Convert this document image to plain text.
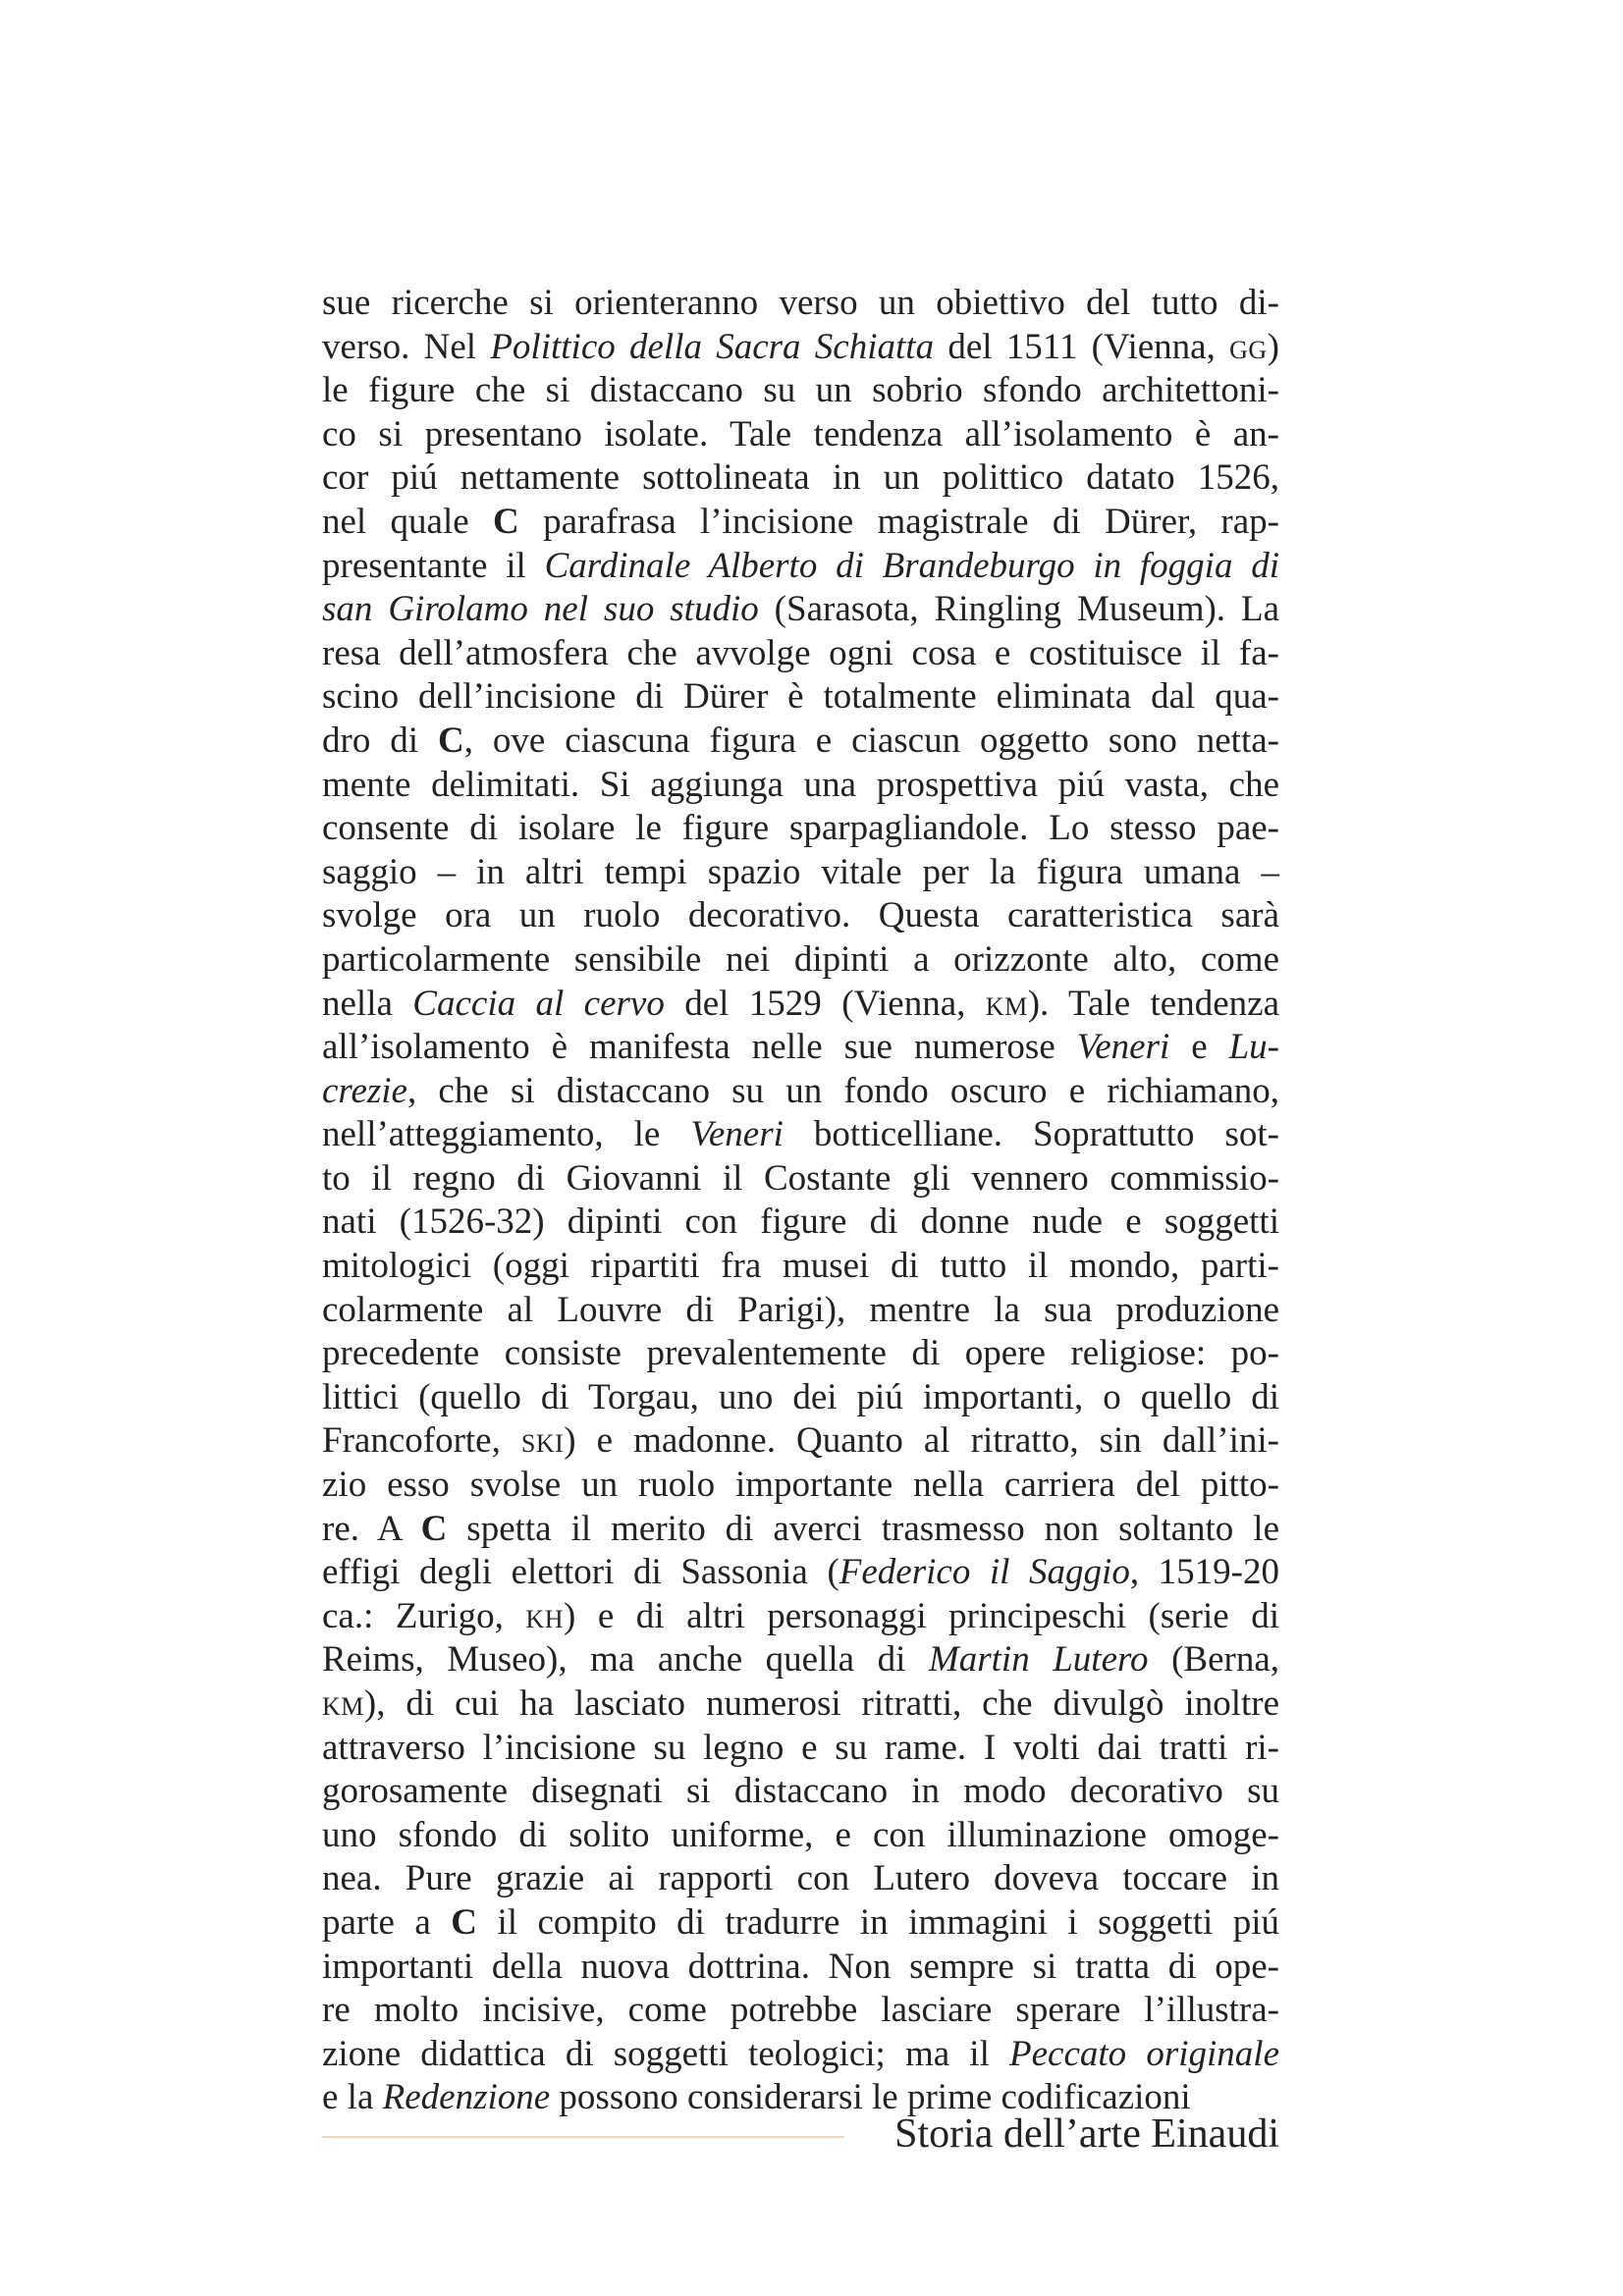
sue ricerche si orienteranno verso un obiettivo del tutto di-
verso. Nel Polittico della Sacra Schiatta del 1511 (Vienna, gg)
le figure che si distaccano su un sobrio sfondo architettoni-
co si presentano isolate. Tale tendenza all’isolamento è an-
cor piú nettamente sottolineata in un polittico datato 1526,
nel quale C parafrasa l’incisione magistrale di Dürer, rap-
presentante il Cardinale Alberto di Brandeburgo in foggia di
san Girolamo nel suo studio (Sarasota, Ringling Museum). La
resa dell’atmosfera che avvolge ogni cosa e costituisce il fa-
scino dell’incisione di Dürer è totalmente eliminata dal qua-
dro di C, ove ciascuna figura e ciascun oggetto sono netta-
mente delimitati. Si aggiunga una prospettiva piú vasta, che
consente di isolare le figure sparpagliandole. Lo stesso pae-
saggio – in altri tempi spazio vitale per la figura umana –
svolge ora un ruolo decorativo. Questa caratteristica sarà
particolarmente sensibile nei dipinti a orizzonte alto, come
nella Caccia al cervo del 1529 (Vienna, km). Tale tendenza
all’isolamento è manifesta nelle sue numerose Veneri e Lu-
crezie, che si distaccano su un fondo oscuro e richiamano,
nell’atteggiamento, le Veneri botticelliane. Soprattutto sot-
to il regno di Giovanni il Costante gli vennero commissio-
nati (1526-32) dipinti con figure di donne nude e soggetti
mitologici (oggi ripartiti fra musei di tutto il mondo, parti-
colarmente al Louvre di Parigi), mentre la sua produzione
precedente consiste prevalentemente di opere religiose: po-
littici (quello di Torgau, uno dei piú importanti, o quello di
Francoforte, ski) e madonne. Quanto al ritratto, sin dall’ini-
zio esso svolse un ruolo importante nella carriera del pitto-
re. A C spetta il merito di averci trasmesso non soltanto le
effigi degli elettori di Sassonia (Federico il Saggio, 1519-20
ca.: Zurigo, kh) e di altri personaggi principeschi (serie di
Reims, Museo), ma anche quella di Martin Lutero (Berna,
km), di cui ha lasciato numerosi ritratti, che divulgò inoltre
attraverso l’incisione su legno e su rame. I volti dai tratti ri-
gorosamente disegnati si distaccano in modo decorativo su
uno sfondo di solito uniforme, e con illuminazione omoge-
nea. Pure grazie ai rapporti con Lutero doveva toccare in
parte a C il compito di tradurre in immagini i soggetti piú
importanti della nuova dottrina. Non sempre si tratta di ope-
re molto incisive, come potrebbe lasciare sperare l’illustra-
zione didattica di soggetti teologici; ma il Peccato originale
e la Redenzione possono considerarsi le prime codificazioni
Storia dell’arte Einaudi
